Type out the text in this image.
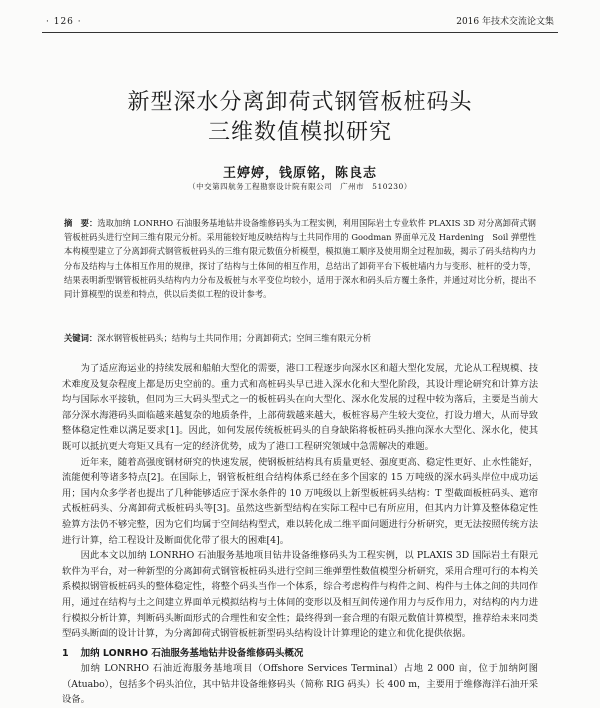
· 126 ·	2016 年技术交流论文集
新型深水分离卸荷式钢管板桩码头
三维数值模拟研究
王婷婷，钱原铭，陈良志
（中交第四航务工程勘察设计院有限公司　广州市　510230）
摘　要：选取加纳 LONRHO 石油服务基地钻井设备维修码头为工程实例，利用国际岩土专业软件 PLAXIS 3D 对分离卸荷式钢管板桩码头进行空间三维有限元分析。采用能较好地反映结构与土共同作用的 Goodman 界面单元及 Hardening　Soil 弹塑性本构模型建立了分离卸荷式钢管板桩码头的三维有限元数值分析模型，模拟施工顺序及使用期全过程加载，揭示了码头结构内力分布及结构与土体相互作用的规律，探讨了结构与土体间的相互作用，总结出了卸荷平台下板桩墙内力与变形、桩杆的受力等，结果表明新型钢管板桩码头结构内力分布及板桩与水平变位均较小，适用于深水和码头后方覆土条件，并通过对比分析，提出不同计算模型的误差和特点，供以后类似工程的设计参考。
关键词：深水钢管板桩码头；结构与土共同作用；分离卸荷式；空间三维有限元分析

为了适应海运业的持续发展和船舶大型化的需要，港口工程逐步向深水区和超大型化发展，尤论从工程规模、技术难度及复杂程度上都是历史空前的。重力式和高桩码头早已进入深水化和大型化阶段，其设计理论研究和计算方法均与国际水平接轨，但同为三大码头型式之一的板桩码头在向大型化、深水化发展的过程中较为落后，主要是当前大部分深水海港码头面临越来越复杂的地质条件，上部荷载越来越大，板桩容易产生较大变位，打设力增大，从而导致整体稳定性难以满足要求[1]。因此，如何发展传统板桩码头的自身缺陷将板桩码头推向深水大型化、深水化，使其既可以抵抗更大弯矩又具有一定的经济优势，成为了港口工程研究领域中急需解决的难题。

近年来，随着高强度钢材研究的快速发展，使钢板桩结构具有质量更轻、强度更高、稳定性更好、止水性能好，流能便利等诸多特点[2]。在国际上，钢管板桩组合结构体系已经在多个国家的 15 万吨级的深水码头岸位中成功运用；国内众多学者也提出了几种能够适应于深水条件的 10 万吨级以上新型板桩码头结构：T 型截面板桩码头、遮帘式板桩码头、分离卸荷式板桩码头等[3]。虽然这些新型结构在实际工程中已有所应用，但其内力计算及整体稳定性验算方法仍不够完整，因为它们均属于空间结构型式，难以转化成二维平面问题进行分析研究，更无法按照传统方法进行计算，给工程设计及断面优化带了很大的困难[4]。

因此本文以加纳 LONRHO 石油服务基地项目钻井设备维修码头为工程实例，以 PLAXIS 3D 国际岩土有限元软件为平台，对一种新型的分离卸荷式钢管板桩码头进行空间三维弹塑性数值模型分析研究，采用合理可行的本构关系模拟钢管板桩码头的整体稳定性，将整个码头当作一个体系，综合考虑构件与构件之间、构件与土体之间的共同作用，通过在结构与土之间建立界面单元模拟结构与土体间的变形以及相互间传递作用力与反作用力，对结构的内力进行模拟分析计算，判断码头断面形式的合理性和安全性；最终得到一套合理的有限元数值计算模型，推荐给未来同类型码头断面的设计计算，为分离卸荷式钢管板桩新型码头结构设计计算理论的建立和优化提供依据。

1 加纳 LONRHO 石油服务基地钻井设备维修码头概况

加纳 LONRHO 石油近海服务基地项目（Offshore Services Terminal）占地 2 000 亩，位于加纳阿图（Atuabo），包括多个码头泊位，其中钻井设备维修码头（简称 RIG 码头）长 400 m，主要用于维修海洋石油开采设备。
